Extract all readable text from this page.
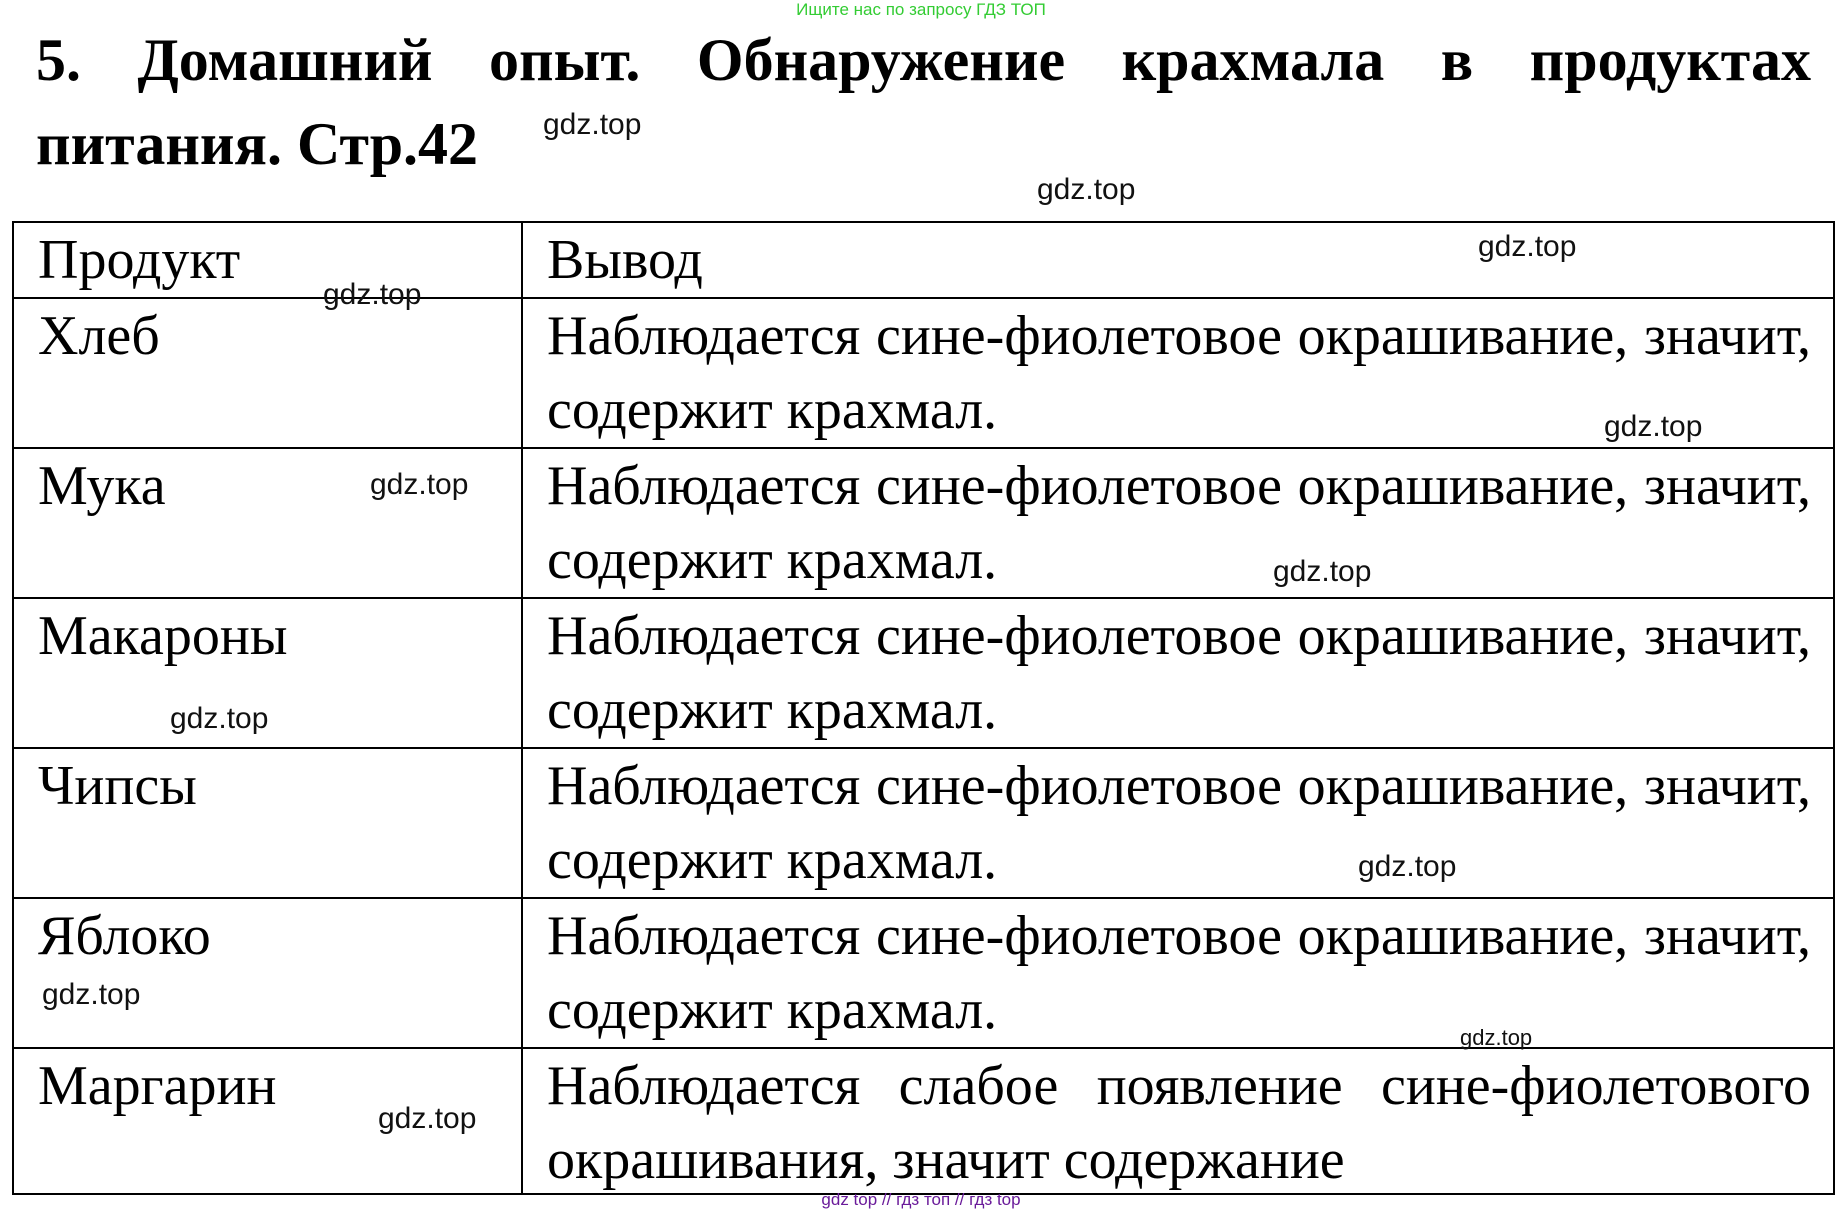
Ищите нас по запросу ГДЗ ТОП
5. Домашний опыт. Обнаружение крахмала в продуктах питания. Стр.42
Продукт	Вывод
Хлеб	Наблюдается сине-фиолетовое окрашивание, значит, содержит крахмал.
Мука	Наблюдается сине-фиолетовое окрашивание, значит, содержит крахмал.
Макароны	Наблюдается сине-фиолетовое окрашивание, значит, содержит крахмал.
Чипсы	Наблюдается сине-фиолетовое окрашивание, значит, содержит крахмал.
Яблоко	Наблюдается сине-фиолетовое окрашивание, значит, содержит крахмал.
Маргарин	Наблюдается слабое появление сине-фиолетового окрашивания, значит содержание
gdz.top
gdz.top
gdz.top
gdz.top
gdz.top
gdz.top
gdz.top
gdz.top
gdz.top
gdz.top
gdz.top
gdz.top
gdz top // гдз топ // гдз top
